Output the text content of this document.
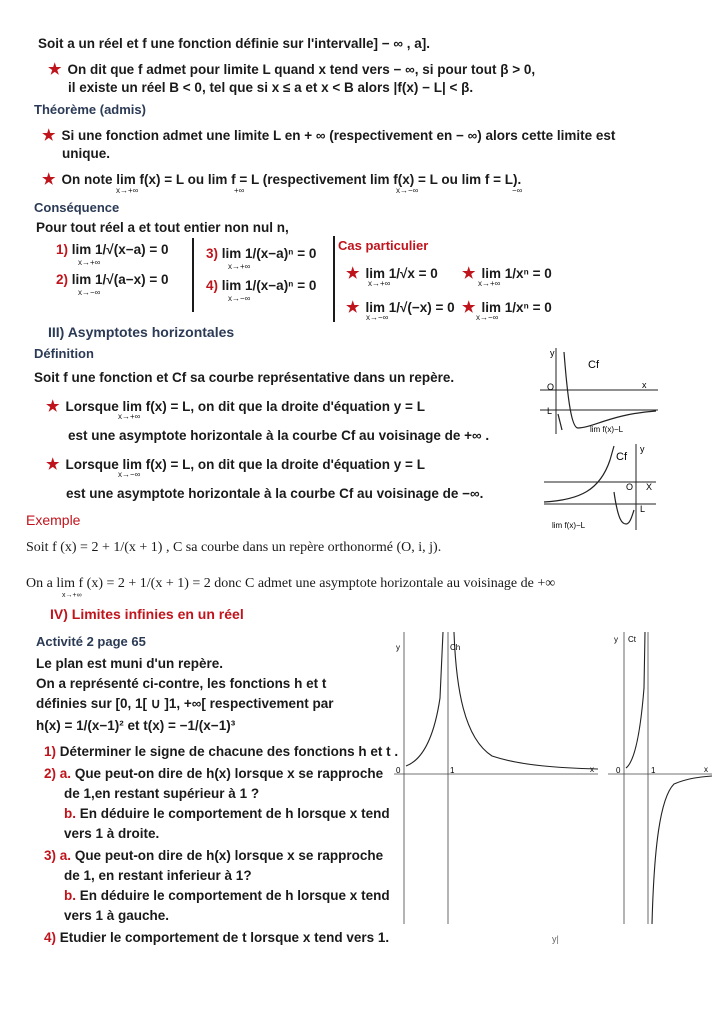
Soit a un réel et f une fonction définie sur l'intervalle] − ∞ , a].
★ On dit que f admet pour limite L quand x tend vers − ∞, si pour tout β > 0,
il existe un réel B < 0, tel que si x ≤ a et x < B alors |f(x) − L| < β.
Théorème (admis)
★ Si une fonction admet une limite L en + ∞ (respectivement en − ∞) alors cette limite est
unique.
★ On note lim f(x) = L ou lim f = L (respectivement lim f(x) = L ou lim f = L).
x→+∞	+∞	x→−∞	−∞
Conséquence
Pour tout réel a et tout entier non nul n,
1) lim 1/√(x−a) = 0
x→+∞
2) lim 1/√(a−x) = 0
x→−∞
3) lim 1/(x−a)ⁿ = 0
x→+∞
4) lim 1/(x−a)ⁿ = 0
x→−∞
Cas particulier
★ lim 1/√x = 0
x→+∞
★ lim 1/xⁿ = 0
x→+∞
★ lim 1/√(−x) = 0
x→−∞
★ lim 1/xⁿ = 0
x→−∞
III) Asymptotes horizontales
Définition
Soit f une fonction et Cf sa courbe représentative dans un repère.
★ Lorsque lim f(x) = L, on dit que la droite d'équation y = L
x→+∞
est une asymptote horizontale à la courbe Cf au voisinage de +∞ .
★ Lorsque lim f(x) = L, on dit que la droite d'équation y = L
x→−∞
est une asymptote horizontale à la courbe Cf au voisinage de −∞.
Exemple
Soit f (x) = 2 + 1/(x + 1) , C sa courbe dans un repère orthonormé (O, i, j).
On a lim f (x) = 2 + 1/(x + 1) = 2 donc C admet une asymptote horizontale au voisinage de +∞
x→+∞
y
Cf
O	x
L
lim f(x)−L
y
Cf
O X
L
lim f(x)−L
IV) Limites infinies en un réel
Activité 2 page 65
Le plan est muni d'un repère.
On a représenté ci-contre, les fonctions h et t
définies sur [0, 1[ ∪ ]1, +∞[ respectivement par
h(x) = 1/(x−1)² et t(x) = −1/(x−1)³
1) Déterminer le signe de chacune des fonctions h et t .
2) a. Que peut-on dire de h(x) lorsque x se rapproche
de 1,en restant supérieur à 1 ?
b. En déduire le comportement de h lorsque x tend
vers 1 à droite.
3) a. Que peut-on dire de h(x) lorsque x se rapproche
de 1, en restant inferieur à 1?
b. En déduire le comportement de h lorsque x tend
vers 1 à gauche.
4) Etudier le comportement de t lorsque x tend vers 1.
y	Ch
0	1	x
y Ct
0	1	x
y|
